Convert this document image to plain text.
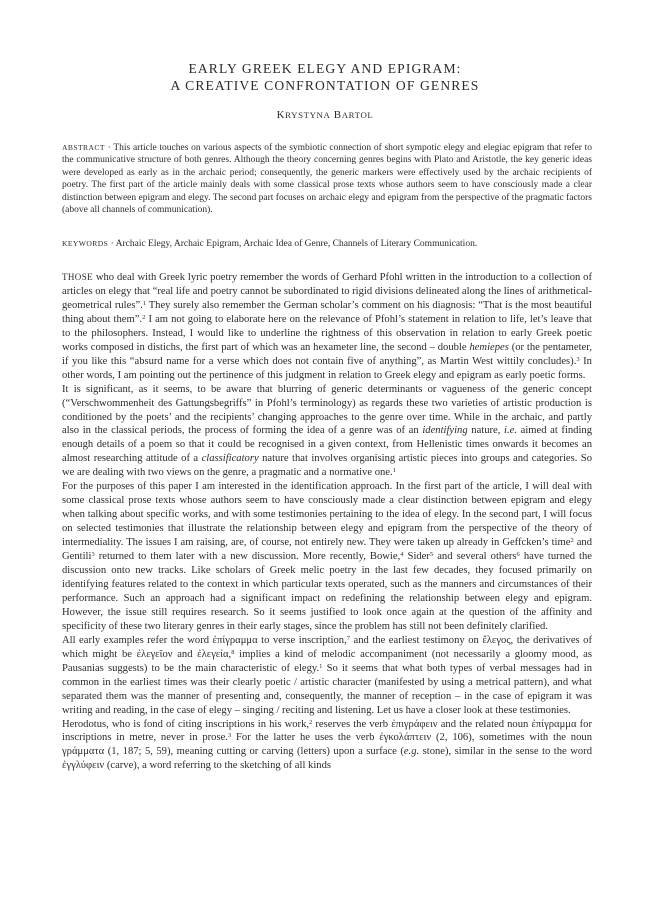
EARLY GREEK ELEGY AND EPIGRAM:
A CREATIVE CONFRONTATION OF GENRES
KRYSTYNA BARTOL

ABSTRACT · This article touches on various aspects of the symbiotic connection of short sympotic elegy and elegiac epigram that refer to the communicative structure of both genres. Although the theory concerning genres begins with Plato and Aristotle, the key generic ideas were developed as early as in the archaic period; consequently, the generic markers were effectively used by the archaic recipients of poetry. The first part of the article mainly deals with some classical prose texts whose authors seem to have consciously made a clear distinction between epigram and elegy. The second part focuses on archaic elegy and epigram from the perspective of the pragmatic factors (above all channels of communication).

KEYWORDS · Archaic Elegy, Archaic Epigram, Archaic Idea of Genre, Channels of Literary Communication.

THOSE who deal with Greek lyric poetry remember the words of Gerhard Pfohl written in the introduction to a collection of articles on elegy that “real life and poetry cannot be subordinated to rigid divisions delineated along the lines of arithmetical-geometrical rules”.$^1$ They surely also remember the German scholar’s comment on his diagnosis: “That is the most beautiful thing about them”.$^2$ I am not going to elaborate here on the relevance of Pfohl’s statement in relation to life, let’s leave that to the philosophers. Instead, I would like to underline the rightness of this observation in relation to early Greek poetic works composed in distichs, the first part of which was an hexameter line, the second – double hemiepes (or the pentameter, if you like this “absurd name for a verse which does not contain five of anything”, as Martin West wittily concludes).$^3$ In other words, I am pointing out the pertinence of this judgment in relation to Greek elegy and epigram as early poetic forms.

It is significant, as it seems, to be aware that blurring of generic determinants or vagueness of the generic concept (“Verschwommenheit des Gattungsbegriffs” in Pfohl’s terminology) as regards these two varieties of artistic production is conditioned by the poets’ and the recipients’ changing approaches to the genre over time. While in the archaic, and partly also in the classical periods, the process of forming the idea of a genre was of an identifying nature, i.e. aimed at finding enough details of a poem so that it could be recognised in a given context, from Hellenistic times onwards it becomes an almost researching attitude of a classificatory nature that involves organising artistic pieces into groups and categories. So we are dealing with two views on the genre, a pragmatic and a normative one.$^1$

For the purposes of this paper I am interested in the identification approach. In the first part of the article, I will deal with some classical prose texts whose authors seem to have consciously made a clear distinction between epigram and elegy when talking about specific works, and with some testimonies pertaining to the idea of elegy. In the second part, I will focus on selected testimonies that illustrate the relationship between elegy and epigram from the perspective of the theory of intermediality. The issues I am raising, are, of course, not entirely new. They were taken up already in Geffcken’s time$^2$ and Gentili$^3$ returned to them later with a new discussion. More recently, Bowie,$^4$ Sider$^5$ and several others$^6$ have turned the discussion onto new tracks. Like scholars of Greek melic poetry in the last few decades, they focused primarily on identifying features related to the context in which particular texts operated, such as the manners and circumstances of their performance. Such an approach had a significant impact on redefining the relationship between elegy and epigram. However, the issue still requires research. So it seems justified to look once again at the question of the affinity and specificity of these two literary genres in their early stages, since the problem has still not been definitely clarified.

All early examples refer the word ἐπίγραμμα to verse inscription,$^7$ and the earliest testimony on ἔλεγος, the derivatives of which might be ἐλεγεῖον and ἐλεγεία,$^8$ implies a kind of melodic accompaniment (not necessarily a gloomy mood, as Pausanias suggests) to be the main characteristic of elegy.$^1$ So it seems that what both types of verbal messages had in common in the earliest times was their clearly poetic / artistic character (manifested by using a metrical pattern), and what separated them was the manner of presenting and, consequently, the manner of reception – in the case of epigram it was writing and reading, in the case of elegy – singing / reciting and listening. Let us have a closer look at these testimonies.

Herodotus, who is fond of citing inscriptions in his work,$^2$ reserves the verb ἐπιγράφειν and the related noun ἐπίγραμμα for inscriptions in metre, never in prose.$^3$ For the latter he uses the verb ἐγκολάπτειν (2, 106), sometimes with the noun γράμματα (1, 187; 5, 59), meaning cutting or carving (letters) upon a surface (e.g. stone), similar in the sense to the word ἐγγλύφειν (carve), a word referring to the sketching of all kinds
